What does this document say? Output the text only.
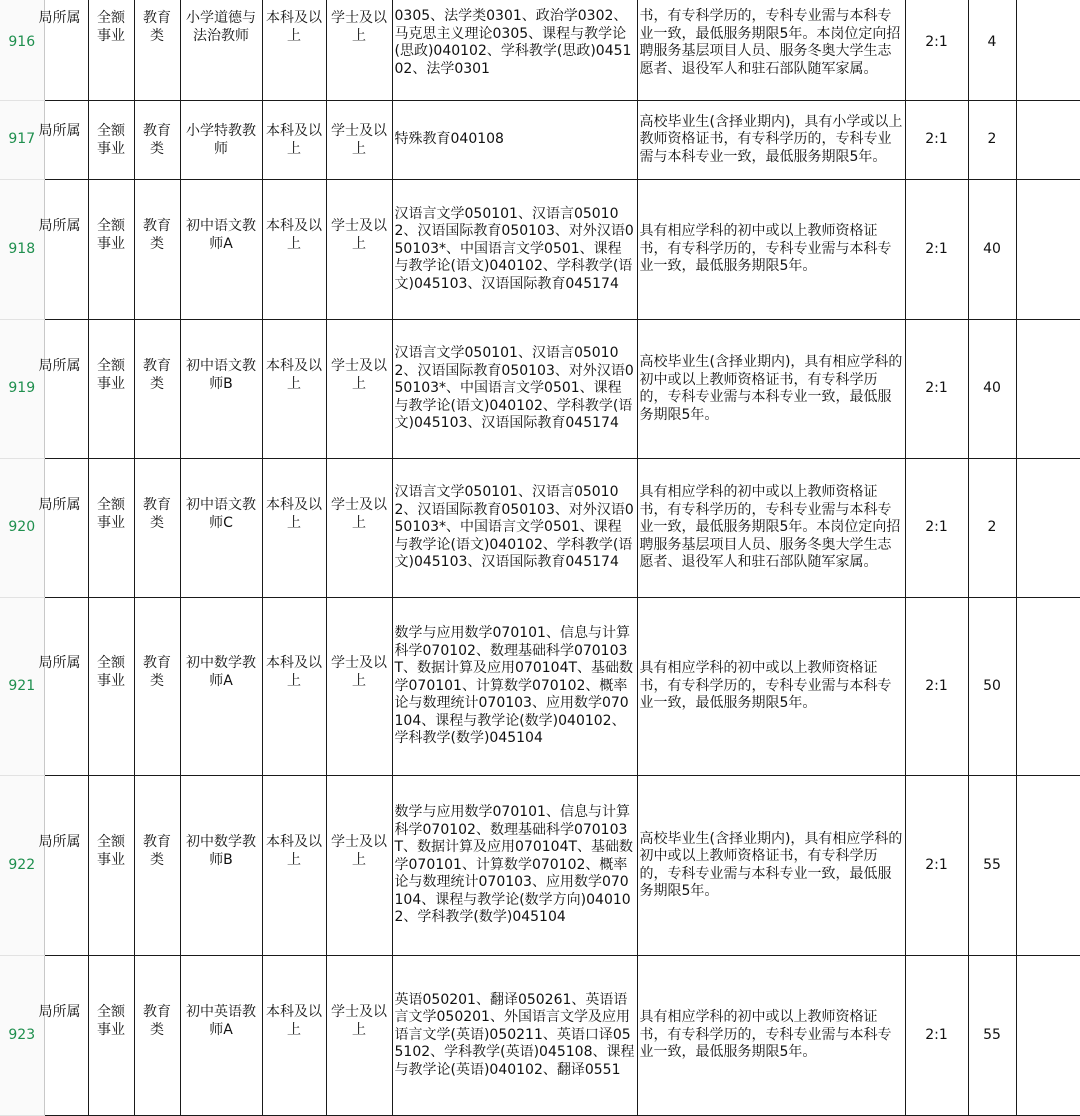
916	局所属	全额事业	教育类	小学道德与法治教师	本科及以上	学士及以上	0305、法学类0301、政治学0302、马克思主义理论0305、课程与教学论(思政)040102、学科教学(思政)045102、法学0301	书，有专科学历的，专科专业需与本科专业一致，最低服务期限5年。本岗位定向招聘服务基层项目人员、服务冬奥大学生志愿者、退役军人和驻石部队随军家属。	2:1	4	
917	局所属	全额事业	教育类	小学特教教师	本科及以上	学士及以上	特殊教育040108	高校毕业生(含择业期内)，具有小学或以上教师资格证书，有专科学历的，专科专业需与本科专业一致，最低服务期限5年。	2:1	2	
918	局所属	全额事业	教育类	初中语文教师A	本科及以上	学士及以上	汉语言文学050101、汉语言050102、汉语国际教育050103、对外汉语050103*、中国语言文学0501、课程与教学论(语文)040102、学科教学(语文)045103、汉语国际教育045174	具有相应学科的初中或以上教师资格证书，有专科学历的，专科专业需与本科专业一致，最低服务期限5年。	2:1	40	
919	局所属	全额事业	教育类	初中语文教师B	本科及以上	学士及以上	汉语言文学050101、汉语言050102、汉语国际教育050103、对外汉语050103*、中国语言文学0501、课程与教学论(语文)040102、学科教学(语文)045103、汉语国际教育045174	高校毕业生(含择业期内)，具有相应学科的初中或以上教师资格证书，有专科学历的，专科专业需与本科专业一致，最低服务期限5年。	2:1	40	
920	局所属	全额事业	教育类	初中语文教师C	本科及以上	学士及以上	汉语言文学050101、汉语言050102、汉语国际教育050103、对外汉语050103*、中国语言文学0501、课程与教学论(语文)040102、学科教学(语文)045103、汉语国际教育045174	具有相应学科的初中或以上教师资格证书，有专科学历的，专科专业需与本科专业一致，最低服务期限5年。本岗位定向招聘服务基层项目人员、服务冬奥大学生志愿者、退役军人和驻石部队随军家属。	2:1	2	
921	局所属	全额事业	教育类	初中数学教师A	本科及以上	学士及以上	数学与应用数学070101、信息与计算科学070102、数理基础科学070103T、数据计算及应用070104T、基础数学070101、计算数学070102、概率论与数理统计070103、应用数学070104、课程与教学论(数学)040102、学科教学(数学)045104	具有相应学科的初中或以上教师资格证书，有专科学历的，专科专业需与本科专业一致，最低服务期限5年。	2:1	50	
922	局所属	全额事业	教育类	初中数学教师B	本科及以上	学士及以上	数学与应用数学070101、信息与计算科学070102、数理基础科学070103T、数据计算及应用070104T、基础数学070101、计算数学070102、概率论与数理统计070103、应用数学070104、课程与教学论(数学方向)040102、学科教学(数学)045104	高校毕业生(含择业期内)，具有相应学科的初中或以上教师资格证书，有专科学历的，专科专业需与本科专业一致，最低服务期限5年。	2:1	55	
923	局所属	全额事业	教育类	初中英语教师A	本科及以上	学士及以上	英语050201、翻译050261、英语语言文学050201、外国语言文学及应用语言文学(英语)050211、英语口译055102、学科教学(英语)045108、课程与教学论(英语)040102、翻译0551	具有相应学科的初中或以上教师资格证书，有专科学历的，专科专业需与本科专业一致，最低服务期限5年。	2:1	55	
